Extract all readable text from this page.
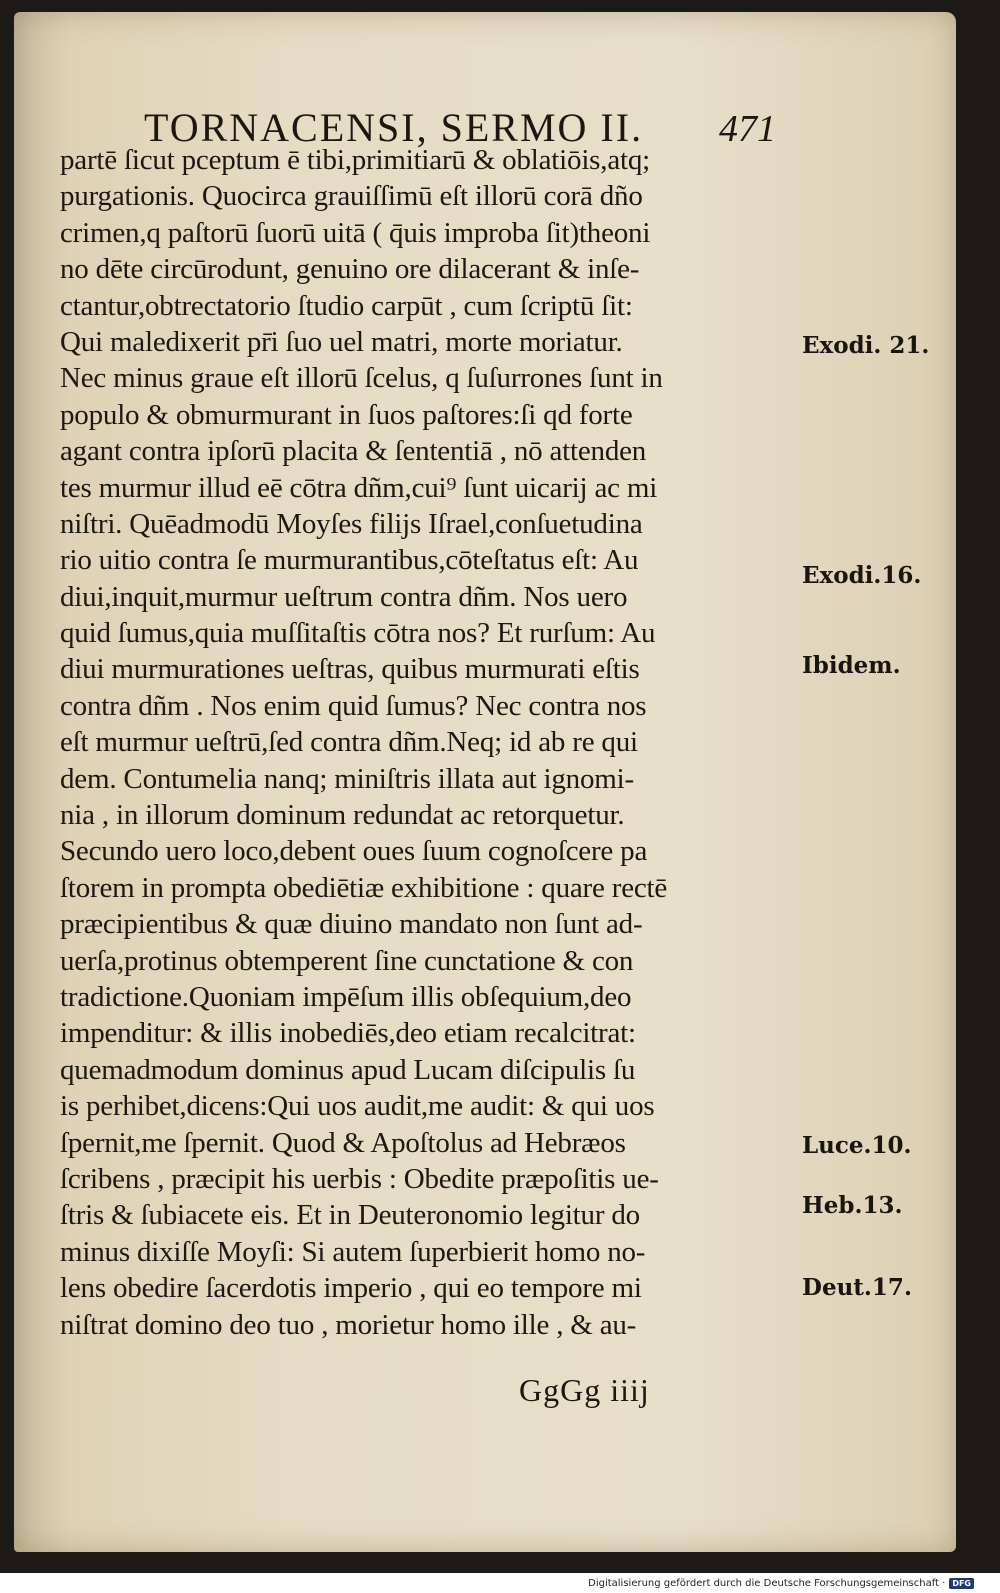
TORNACENSI, SERMO II.	471
partē ſicut pceptum ē tibi,primitiarū & oblatiōis,atq;
purgationis. Quocirca grauiſſimū eſt illorū corā dño
crimen,q paſtorū ſuorū uitā ( q̄uis improba ſit)theoni
no dēte circūrodunt, genuino ore dilacerant & inſe-
ctantur,obtrectatorio ſtudio carpūt , cum ſcriptū ſit:
Qui maledixerit pr̄i ſuo uel matri, morte moriatur.
Nec minus graue eſt illorū ſcelus, q ſuſurrones ſunt in
populo & obmurmurant in ſuos paſtores:ſi qd forte
agant contra ipſorū placita & ſententiā , nō attenden
tes murmur illud eē cōtra dñm,cui⁹ ſunt uicarij ac mi
niſtri. Quēadmodū Moyſes filijs Iſrael,conſuetudina
rio uitio contra ſe murmurantibus,cōteſtatus eſt: Au
diui,inquit,murmur ueſtrum contra dñm. Nos uero
quid ſumus,quia muſſitaſtis cōtra nos? Et rurſum: Au
diui murmurationes ueſtras, quibus murmurati eſtis
contra dñm . Nos enim quid ſumus? Nec contra nos
eſt murmur ueſtrū,ſed contra dñm.Neq; id ab re qui
dem. Contumelia nanq; miniſtris illata aut ignomi-
nia , in illorum dominum redundat ac retorquetur.
Secundo uero loco,debent oues ſuum cognoſcere pa
ſtorem in prompta obediētiæ exhibitione : quare rectē
præcipientibus & quæ diuino mandato non ſunt ad-
uerſa,protinus obtemperent ſine cunctatione & con
tradictione.Quoniam impēſum illis obſequium,deo
impenditur: & illis inobediēs,deo etiam recalcitrat:
quemadmodum dominus apud Lucam diſcipulis ſu
is perhibet,dicens:Qui uos audit,me audit: & qui uos
ſpernit,me ſpernit. Quod & Apoſtolus ad Hebræos
ſcribens , præcipit his uerbis : Obedite præpoſitis ue-
ſtris & ſubiacete eis. Et in Deuteronomio legitur do
minus dixiſſe Moyſi: Si autem ſuperbierit homo no-
lens obedire ſacerdotis imperio , qui eo tempore mi
niſtrat domino deo tuo , morietur homo ille , & au-
Exodi. 21.
Exodi.16.
Ibidem.
Luce.10.
Heb.13.
Deut.17.
GgGg iiij
Digitalisierung gefördert durch die Deutsche Forschungsgemeinschaft · DFG
